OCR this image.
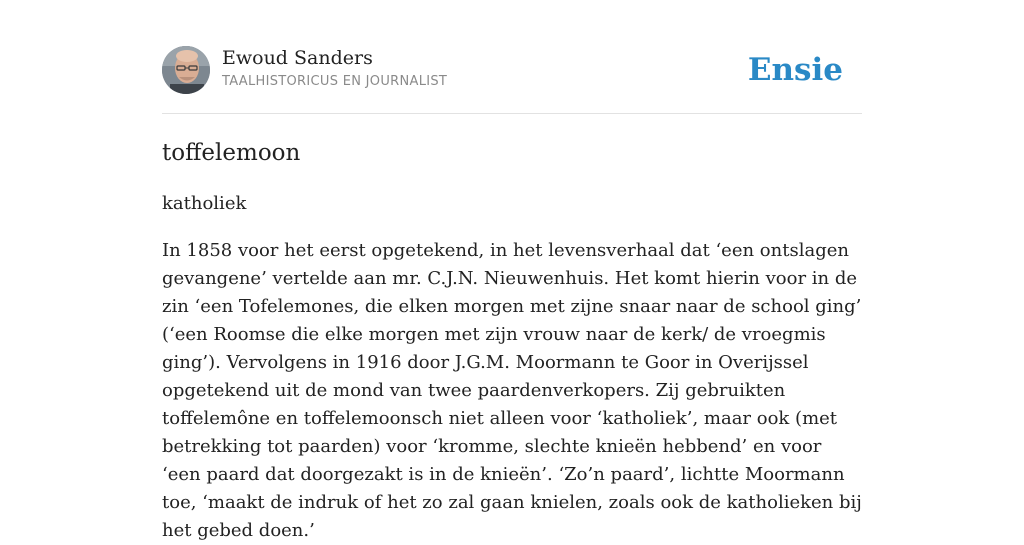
Ewoud Sanders
TAALHISTORICUS EN JOURNALIST	Ensie
toffelemoon
katholiek

In 1858 voor het eerst opgetekend, in het levensverhaal dat ‘een ontslagen gevangene’ vertelde aan mr. C.J.N. Nieuwenhuis. Het komt hierin voor in de zin ‘een Tofelemones, die elken morgen met zijne snaar naar de school ging’ (‘een Roomse die elke morgen met zijn vrouw naar de kerk/ de vroegmis ging’). Vervolgens in 1916 door J.G.M. Moormann te Goor in Overijssel opgetekend uit de mond van twee paardenverkopers. Zij gebruikten toffelemône en toffelemoonsch niet alleen voor ‘katholiek’, maar ook (met betrekking tot paarden) voor ‘kromme, slechte knieën hebbend’ en voor ‘een paard dat doorgezakt is in de knieën’. ‘Zo’n paard’, lichtte Moormann toe, ‘maakt de indruk of het zo zal gaan knielen, zoals ook de katholieken bij het gebed doen.’
